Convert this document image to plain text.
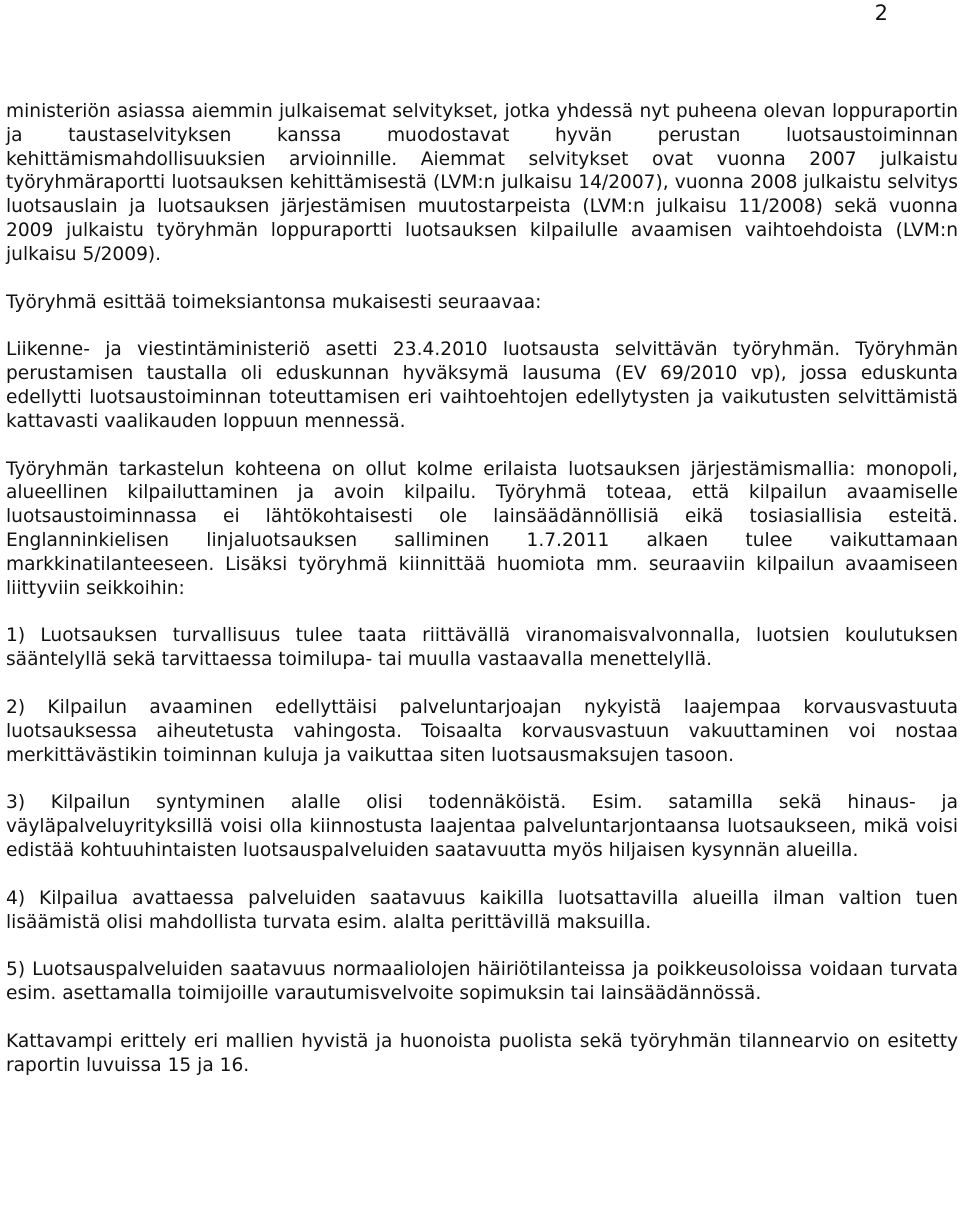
2

ministeriön asiassa aiemmin julkaisemat selvitykset, jotka yhdessä nyt puheena olevan loppuraportin ja taustaselvityksen kanssa muodostavat hyvän perustan luotsaustoiminnan kehittämismahdollisuuksien arvioinnille. Aiemmat selvitykset ovat vuonna 2007 julkaistu työryhmäraportti luotsauksen kehittämisestä (LVM:n julkaisu 14/2007), vuonna 2008 julkaistu selvitys luotsauslain ja luotsauksen järjestämisen muutostarpeista (LVM:n julkaisu 11/2008) sekä vuonna 2009 julkaistu työryhmän loppuraportti luotsauksen kilpailulle avaamisen vaihtoehdoista (LVM:n julkaisu 5/2009).

Työryhmä esittää toimeksiantonsa mukaisesti seuraavaa:

Liikenne- ja viestintäministeriö asetti 23.4.2010 luotsausta selvittävän työryhmän. Työryhmän perustamisen taustalla oli eduskunnan hyväksymä lausuma (EV 69/2010 vp), jossa eduskunta edellytti luotsaustoiminnan toteuttamisen eri vaihtoehtojen edellytysten ja vaikutusten selvittämistä kattavasti vaalikauden loppuun mennessä.

Työryhmän tarkastelun kohteena on ollut kolme erilaista luotsauksen järjestämismallia: monopoli, alueellinen kilpailuttaminen ja avoin kilpailu. Työryhmä toteaa, että kilpailun avaamiselle luotsaustoiminnassa ei lähtökohtaisesti ole lainsäädännöllisiä eikä tosiasiallisia esteitä. Englanninkielisen linjaluotsauksen salliminen 1.7.2011 alkaen tulee vaikuttamaan markkinatilanteeseen. Lisäksi työryhmä kiinnittää huomiota mm. seuraaviin kilpailun avaamiseen liittyviin seikkoihin:

1) Luotsauksen turvallisuus tulee taata riittävällä viranomaisvalvonnalla, luotsien koulutuksen sääntelyllä sekä tarvittaessa toimilupa- tai muulla vastaavalla menettelyllä.

2) Kilpailun avaaminen edellyttäisi palveluntarjoajan nykyistä laajempaa korvausvastuuta luotsauksessa aiheutetusta vahingosta. Toisaalta korvausvastuun vakuuttaminen voi nostaa merkittävästikin toiminnan kuluja ja vaikuttaa siten luotsausmaksujen tasoon.

3) Kilpailun syntyminen alalle olisi todennäköistä. Esim. satamilla sekä hinaus- ja väyläpalveluyrityksillä voisi olla kiinnostusta laajentaa palveluntarjontaansa luotsaukseen, mikä voisi edistää kohtuuhintaisten luotsauspalveluiden saatavuutta myös hiljaisen kysynnän alueilla.

4) Kilpailua avattaessa palveluiden saatavuus kaikilla luotsattavilla alueilla ilman valtion tuen lisäämistä olisi mahdollista turvata esim. alalta perittävillä maksuilla.

5) Luotsauspalveluiden saatavuus normaaliolojen häiriötilanteissa ja poikkeusoloissa voidaan turvata esim. asettamalla toimijoille varautumisvelvoite sopimuksin tai lainsäädännössä.

Kattavampi erittely eri mallien hyvistä ja huonoista puolista sekä työryhmän tilannearvio on esitetty raportin luvuissa 15 ja 16.
